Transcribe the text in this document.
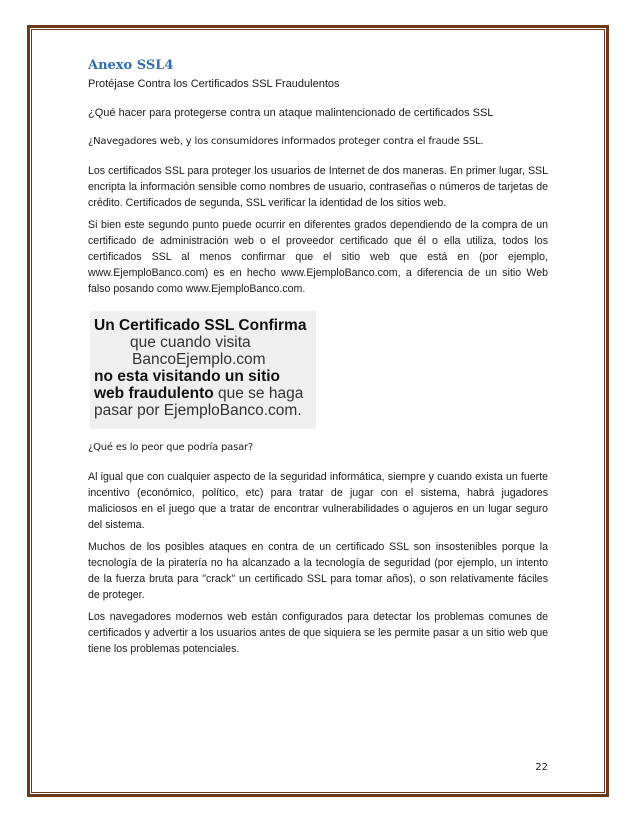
Anexo SSL4

Protéjase Contra los Certificados SSL Fraudulentos

¿Qué hacer para protegerse contra un ataque malintencionado de certificados SSL

¿Navegadores web, y los consumidores informados proteger contra el fraude SSL.

Los certificados SSL para proteger los usuarios de Internet de dos maneras. En primer lugar, SSL encripta la información sensible como nombres de usuario, contraseñas o números de tarjetas de crédito. Certificados de segunda, SSL verificar la identidad de los sitios web.

Si bien este segundo punto puede ocurrir en diferentes grados dependiendo de la compra de un certificado de administración web o el proveedor certificado que él o ella utiliza, todos los certificados SSL al menos confirmar que el sitio web que está en (por ejemplo, www.EjemploBanco.com) es en hecho www.EjemploBanco.com, a diferencia de un sitio Web falso posando como www.EjemploBanco.com.

Un Certificado SSL Confirma
que cuando visita
BancoEjemplo.com
no esta visitando un sitio
web fraudulento que se haga
pasar por EjemploBanco.com.

¿Qué es lo peor que podría pasar?

Al igual que con cualquier aspecto de la seguridad informática, siempre y cuando exista un fuerte incentivo (económico, político, etc) para tratar de jugar con el sistema, habrá jugadores maliciosos en el juego que a tratar de encontrar vulnerabilidades o agujeros en un lugar seguro del sistema.

Muchos de los posibles ataques en contra de un certificado SSL son insostenibles porque la tecnología de la piratería no ha alcanzado a la tecnología de seguridad (por ejemplo, un intento de la fuerza bruta para "crack" un certificado SSL para tomar años), o son relativamente fáciles de proteger.

Los navegadores modernos web están configurados para detectar los problemas comunes de certificados y advertir a los usuarios antes de que siquiera se les permite pasar a un sitio web que tiene los problemas potenciales.

22
